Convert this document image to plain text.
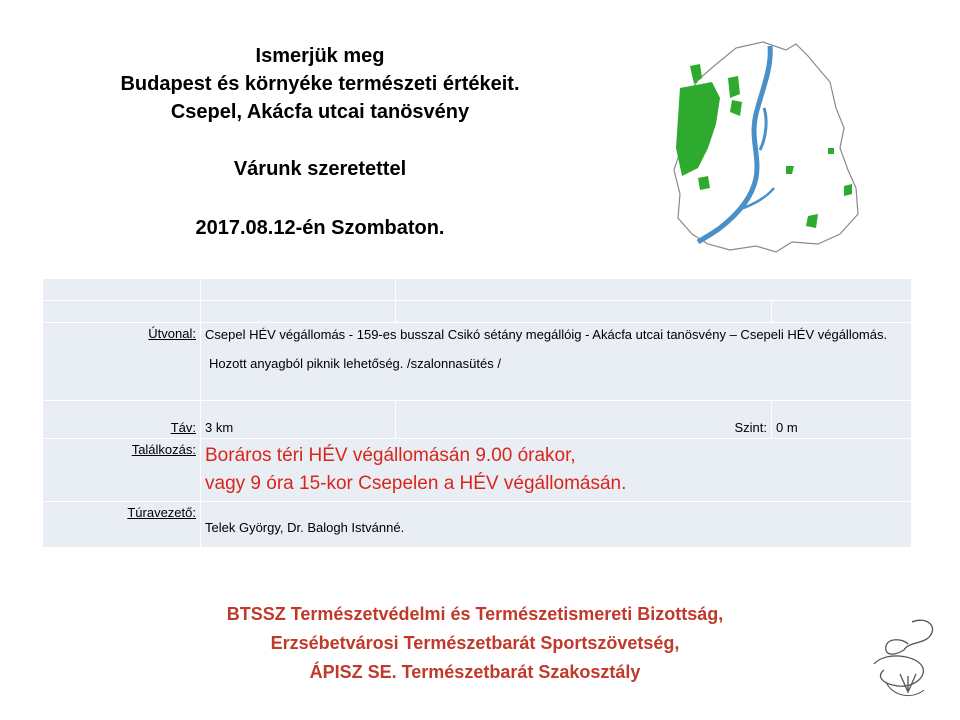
Ismerjük meg
Budapest és környéke természeti értékeit.
Csepel, Akácfa utcai tanösvény
Várunk szeretettel
2017.08.12-én Szombaton.

Útvonal:	Csepel HÉV végállomás - 159-es busszal Csikó sétány megállóig - Akácfa utcai tanösvény – Csepeli HÉV végállomás.
Hozott anyagból piknik lehetőség. /szalonnasütés /		

Táv:	3 km	Szint:	0 m
Találkozás:	Boráros téri HÉV végállomásán 9.00 órakor,
vagy 9 óra 15-kor Csepelen a HÉV végállomásán.		

Túravezető:	Telek György, Dr. Balogh Istvánné.		
BTSSZ Természetvédelmi és Természetismereti Bizottság,
Erzsébetvárosi Természetbarát Sportszövetség,
ÁPISZ SE. Természetbarát Szakosztály
